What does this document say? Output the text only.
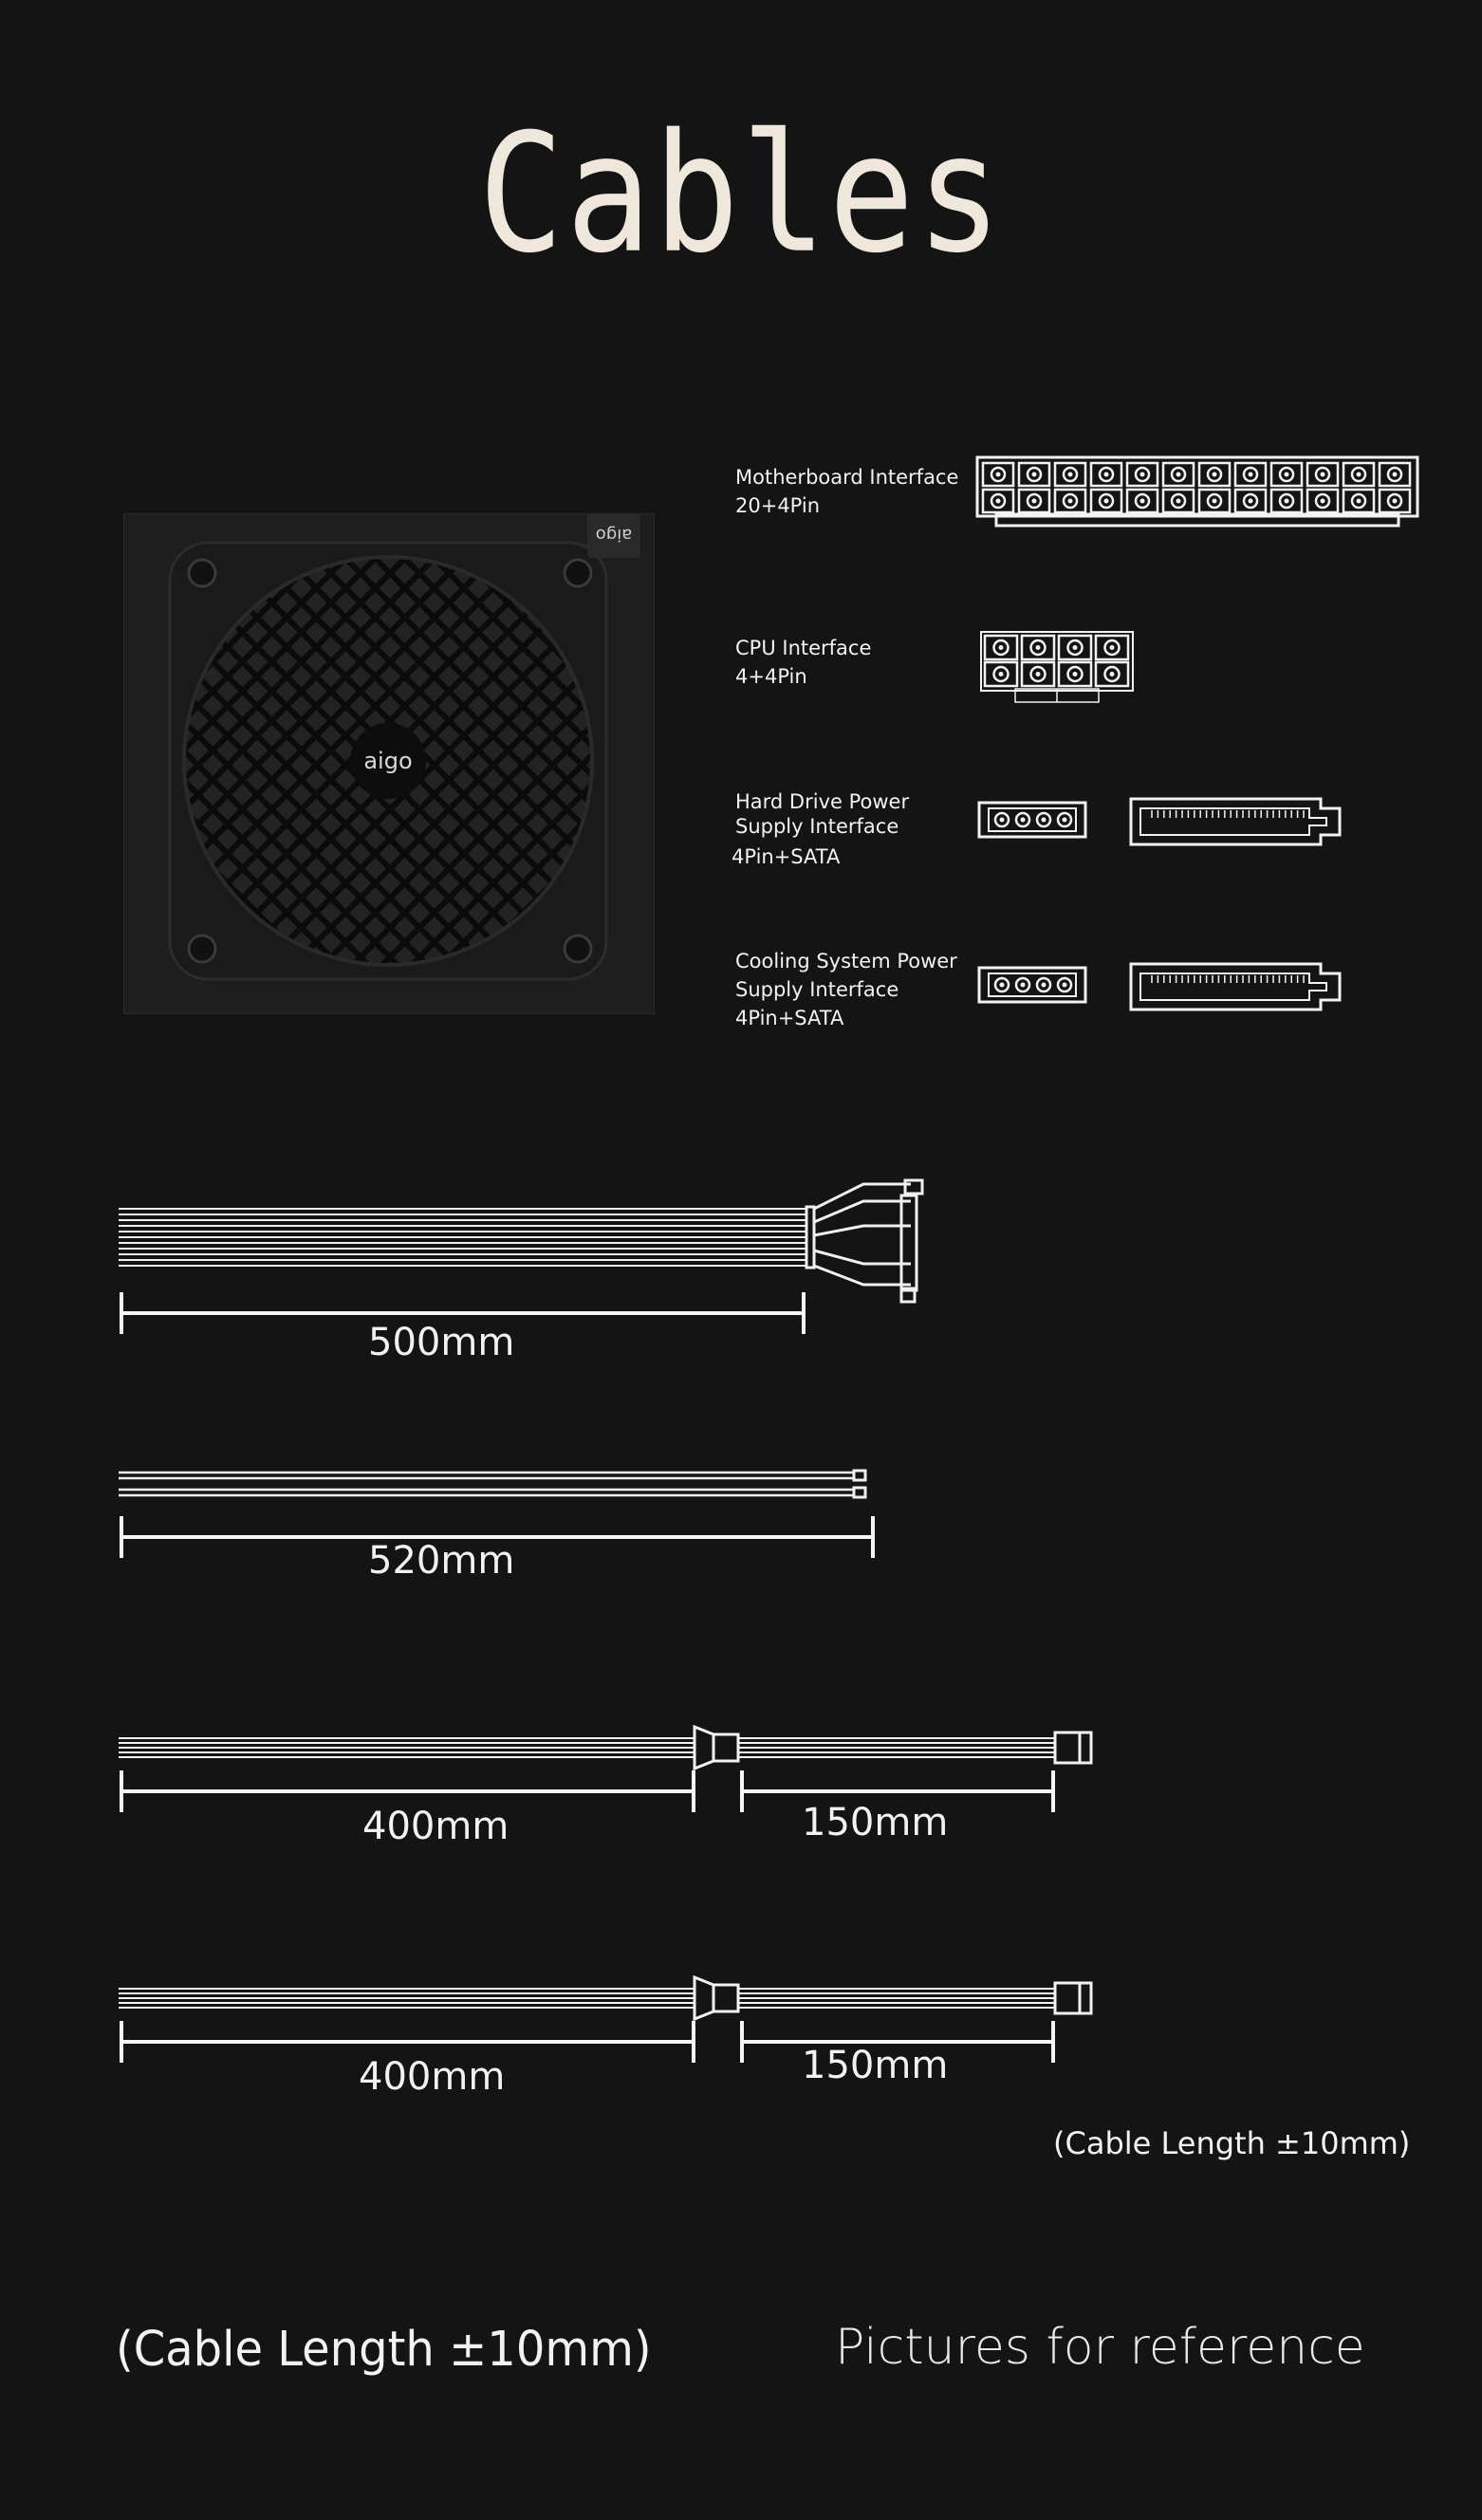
Cables
aigo
aigo
Motherboard Interface
20+4Pin
CPU Interface
4+4Pin
Hard Drive Power
Supply Interface
4Pin+SATA
Cooling System Power
Supply Interface
4Pin+SATA
500mm
520mm
400mm	150mm
400mm	150mm
(Cable Length ±10mm)
(Cable Length ±10mm)	Pictures for reference
